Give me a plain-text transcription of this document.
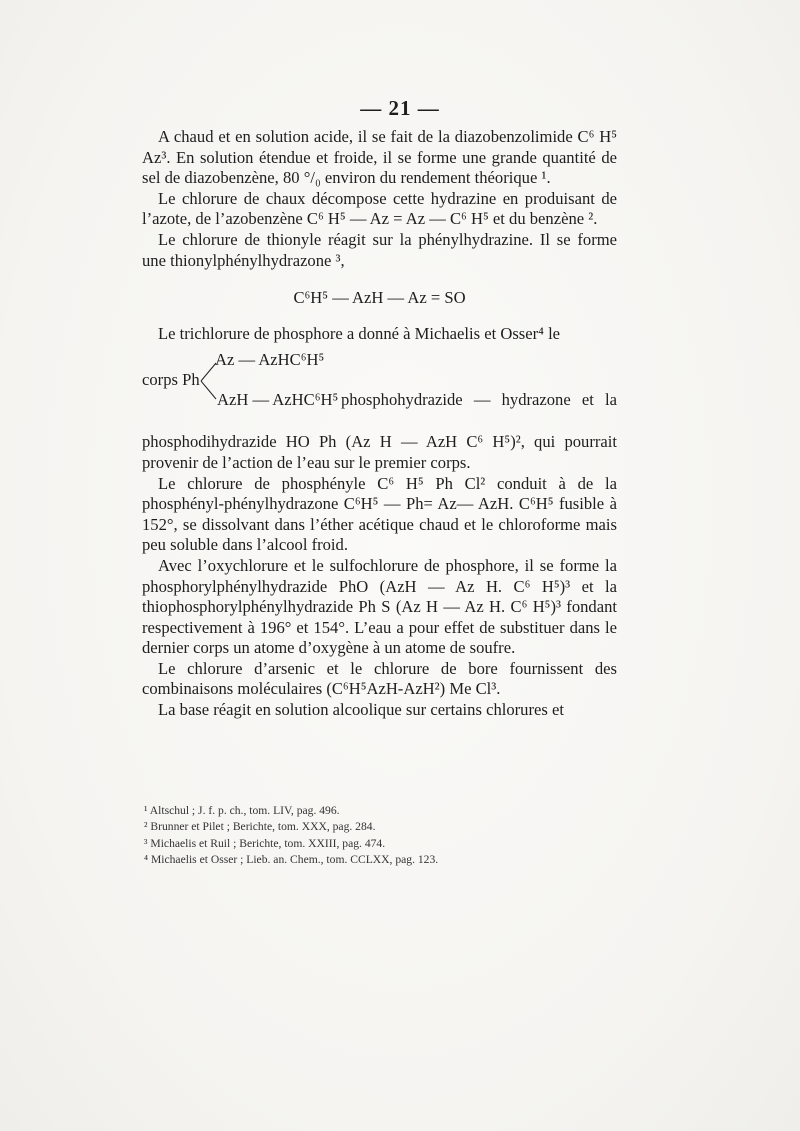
— 21 —

A chaud et en solution acide, il se fait de la diazobenzolimide C⁶ H⁵ Az³. En solution étendue et froide, il se forme une grande quantité de sel de diazobenzène, 80 °/₀ environ du rendement théorique ¹.

Le chlorure de chaux décompose cette hydrazine en produisant de l’azote, de l’azobenzène C⁶ H⁵ — Az = Az — C⁶ H⁵ et du benzène ².

Le chlorure de thionyle réagit sur la phénylhydrazine. Il se forme une thionylphénylhydrazone ³,

C⁶H⁵ — AzH — Az = SO

Le trichlorure de phosphore a donné à Michaelis et Osser⁴ le

Az — AzHC⁶H⁵
corps Ph
AzH — AzHC⁶H⁵ phosphohydrazide — hydrazone et la

phosphodihydrazide HO Ph (Az H — AzH C⁶ H⁵)², qui pourrait provenir de l’action de l’eau sur le premier corps.

Le chlorure de phosphényle C⁶ H⁵ Ph Cl² conduit à de la phosphényl-phénylhydrazone C⁶H⁵ — Ph= Az— AzH. C⁶H⁵ fusible à 152°, se dissolvant dans l’éther acétique chaud et le chloroforme mais peu soluble dans l’alcool froid.

Avec l’oxychlorure et le sulfochlorure de phosphore, il se forme la phosphorylphénylhydrazide PhO (AzH — Az H. C⁶ H⁵)³ et la thiophosphorylphénylhydrazide Ph S (Az H — Az H. C⁶ H⁵)³ fondant respectivement à 196° et 154°. L’eau a pour effet de substituer dans le dernier corps un atome d’oxygène à un atome de soufre.

Le chlorure d’arsenic et le chlorure de bore fournissent des combinaisons moléculaires (C⁶H⁵AzH-AzH²) Me Cl³.

La base réagit en solution alcoolique sur certains chlorures et

¹ Altschul ; J. f. p. ch., tom. LIV, pag. 496.
² Brunner et Pilet ; Berichte, tom. XXX, pag. 284.
³ Michaelis et Ruil ; Berichte, tom. XXIII, pag. 474.
⁴ Michaelis et Osser ; Lieb. an. Chem., tom. CCLXX, pag. 123.
